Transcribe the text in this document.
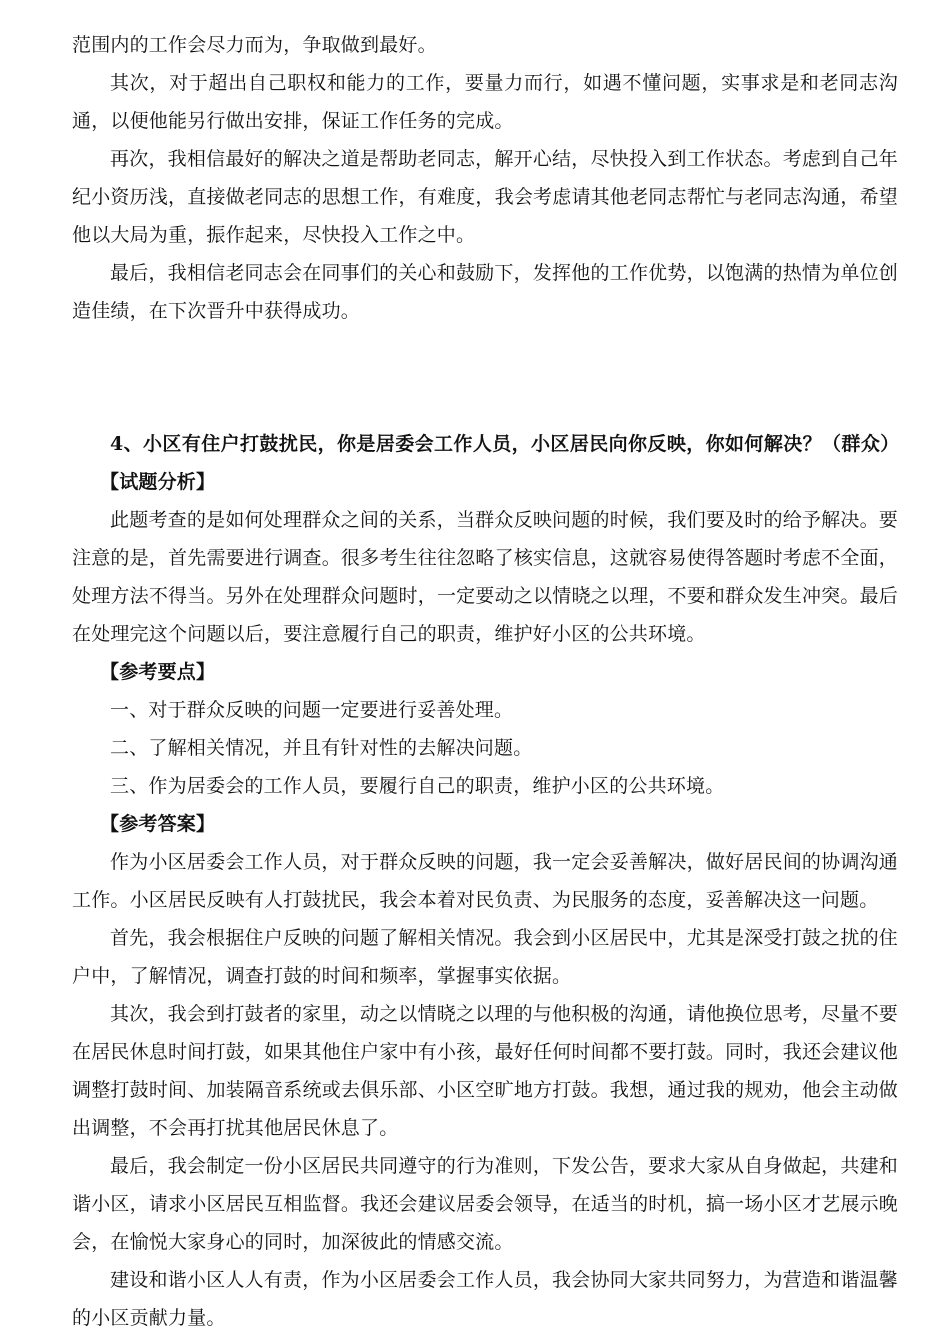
范围内的工作会尽力而为，争取做到最好。

其次，对于超出自己职权和能力的工作，要量力而行，如遇不懂问题，实事求是和老同志沟通，以便他能另行做出安排，保证工作任务的完成。

再次，我相信最好的解决之道是帮助老同志，解开心结，尽快投入到工作状态。考虑到自己年纪小资历浅，直接做老同志的思想工作，有难度，我会考虑请其他老同志帮忙与老同志沟通，希望他以大局为重，振作起来，尽快投入工作之中。

最后，我相信老同志会在同事们的关心和鼓励下，发挥他的工作优势，以饱满的热情为单位创造佳绩，在下次晋升中获得成功。

4、小区有住户打鼓扰民，你是居委会工作人员，小区居民向你反映，你如何解决？（群众）

【试题分析】

此题考查的是如何处理群众之间的关系，当群众反映问题的时候，我们要及时的给予解决。要注意的是，首先需要进行调查。很多考生往往忽略了核实信息，这就容易使得答题时考虑不全面，处理方法不得当。另外在处理群众问题时，一定要动之以情晓之以理，不要和群众发生冲突。最后在处理完这个问题以后，要注意履行自己的职责，维护好小区的公共环境。

【参考要点】

一、对于群众反映的问题一定要进行妥善处理。

二、了解相关情况，并且有针对性的去解决问题。

三、作为居委会的工作人员，要履行自己的职责，维护小区的公共环境。

【参考答案】

作为小区居委会工作人员，对于群众反映的问题，我一定会妥善解决，做好居民间的协调沟通工作。小区居民反映有人打鼓扰民，我会本着对民负责、为民服务的态度，妥善解决这一问题。

首先，我会根据住户反映的问题了解相关情况。我会到小区居民中，尤其是深受打鼓之扰的住户中，了解情况，调查打鼓的时间和频率，掌握事实依据。

其次，我会到打鼓者的家里，动之以情晓之以理的与他积极的沟通，请他换位思考，尽量不要在居民休息时间打鼓，如果其他住户家中有小孩，最好任何时间都不要打鼓。同时，我还会建议他调整打鼓时间、加装隔音系统或去俱乐部、小区空旷地方打鼓。我想，通过我的规劝，他会主动做出调整，不会再打扰其他居民休息了。

最后，我会制定一份小区居民共同遵守的行为准则，下发公告，要求大家从自身做起，共建和谐小区，请求小区居民互相监督。我还会建议居委会领导，在适当的时机，搞一场小区才艺展示晚会，在愉悦大家身心的同时，加深彼此的情感交流。

建设和谐小区人人有责，作为小区居委会工作人员，我会协同大家共同努力，为营造和谐温馨的小区贡献力量。
